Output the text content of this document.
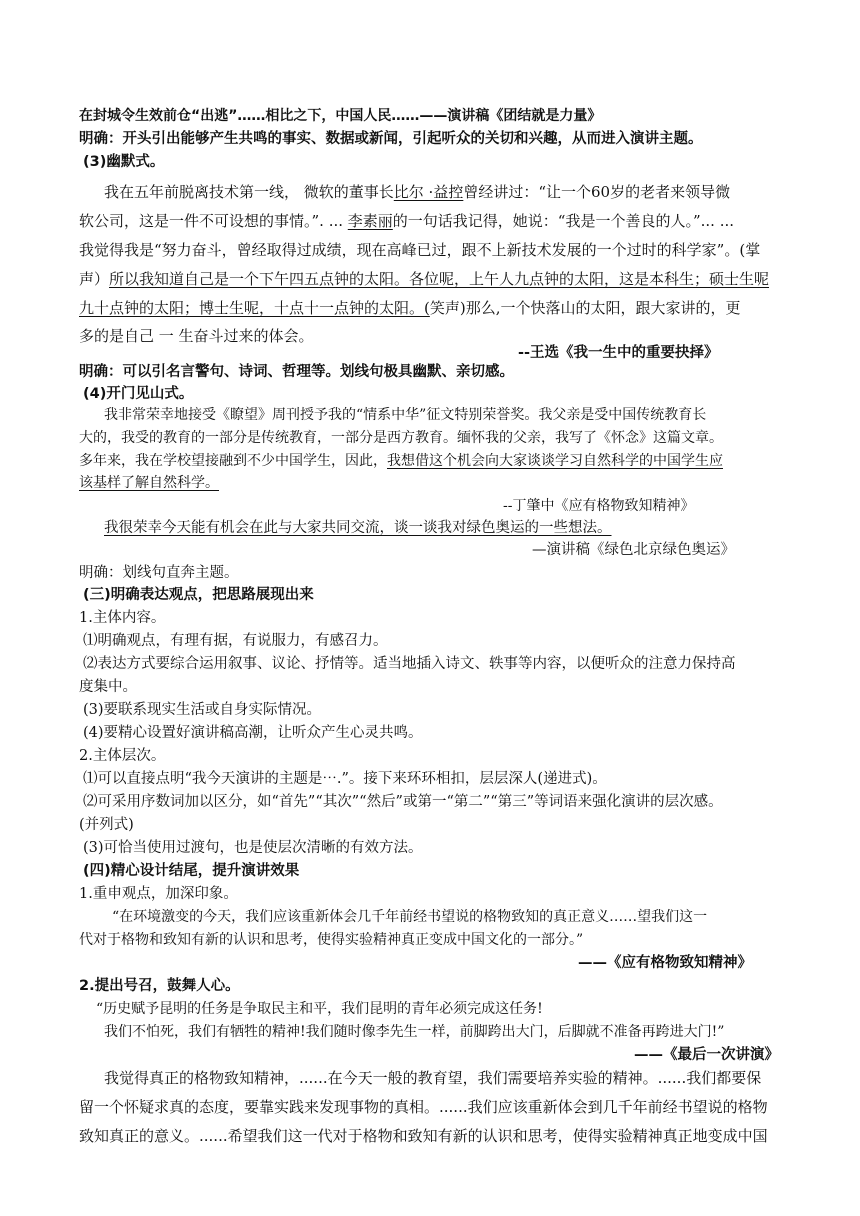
在封城令生效前仓“出逃”……相比之下，中国人民……——演讲稿《团结就是力量》
明确：开头引出能够产生共鸣的事实、数据或新闻，引起听众的关切和兴趣，从而进入演讲主题。
(3)幽默式。
我在五年前脱离技术第一线， 微软的董事长比尔 ·益控曾经讲过：“让一个60岁的老者来领导微
软公司，这是一件不可设想的事情。”. ... 李素丽的一句话我记得，她说：“我是一个善良的人。”... ...
我觉得我是“努力奋斗，曾经取得过成绩，现在高峰已过，跟不上新技术发展的一个过时的科学家”。(掌
声）所以我知道自己是一个下午四五点钟的太阳。各位呢，上午人九点钟的太阳，这是本科生；硕士生呢
九十点钟的太阳；博士生呢，十点十一点钟的太阳。(笑声)那么,一个快落山的太阳，跟大家讲的，更
多的是自己 一 生奋斗过来的体会。
--王选《我一生中的重要抉择》
明确：可以引名言警句、诗词、哲理等。划线句极具幽默、亲切感。
(4)开门见山式。
我非常荣幸地接受《瞭望》周刊授予我的“情系中华”征文特别荣誉奖。我父亲是受中国传统教育长
大的，我受的教育的一部分是传统教育，一部分是西方教育。缅怀我的父亲，我写了《怀念》这篇文章。
多年来，我在学校望接融到不少中国学生，因此，我想借这个机会向大家谈谈学习自然科学的中国学生应
该基样了解自然科学。
--丁肇中《应有格物致知精神》
我很荣幸今天能有机会在此与大家共同交流，谈一谈我对绿色奥运的一些想法。
—演讲稿《绿色北京绿色奥运》
明确：划线句直奔主题。
(三)明确表达观点，把思路展现出来
1.主体内容。
⑴明确观点，有理有据，有说服力，有感召力。
⑵表达方式要综合运用叙事、议论、抒情等。适当地插入诗文、轶事等内容，以便听众的注意力保持高
度集中。
(3)要联系现实生活或自身实际情况。
(4)要精心设置好演讲稿高潮，让听众产生心灵共鸣。
2.主体层次。
⑴可以直接点明“我今天演讲的主题是⋯.”。接下来环环相扣，层层深人(递进式)。
⑵可采用序数词加以区分，如“首先”“其次”“然后”或第一“第二”“第三”等词语来强化演讲的层次感。
(并列式)
(3)可恰当使用过渡句，也是使层次清晰的有效方法。
(四)精心设计结尾，提升演讲效果
1.重申观点，加深印象。
“在环境激变的今天，我们应该重新体会几千年前经书望说的格物致知的真正意义……望我们这一
代对于格物和致知有新的认识和思考，使得实验精神真正变成中国文化的一部分。”
——《应有格物致知精神》
2.提出号召，鼓舞人心。
“历史赋予昆明的任务是争取民主和平，我们昆明的青年必须完成这任务!
我们不怕死，我们有牺牲的精神!我们随时像李先生一样，前脚跨出大门，后脚就不准备再跨进大门!”
——《最后一次讲演》
我觉得真正的格物致知精神，......在今天一般的教育望，我们需要培养实验的精神。......我们都要保
留一个怀疑求真的态度，要靠实践来发现事物的真相。......我们应该重新体会到几千年前经书望说的格物
致知真正的意义。......希望我们这一代对于格物和致知有新的认识和思考，使得实验精神真正地变成中国
